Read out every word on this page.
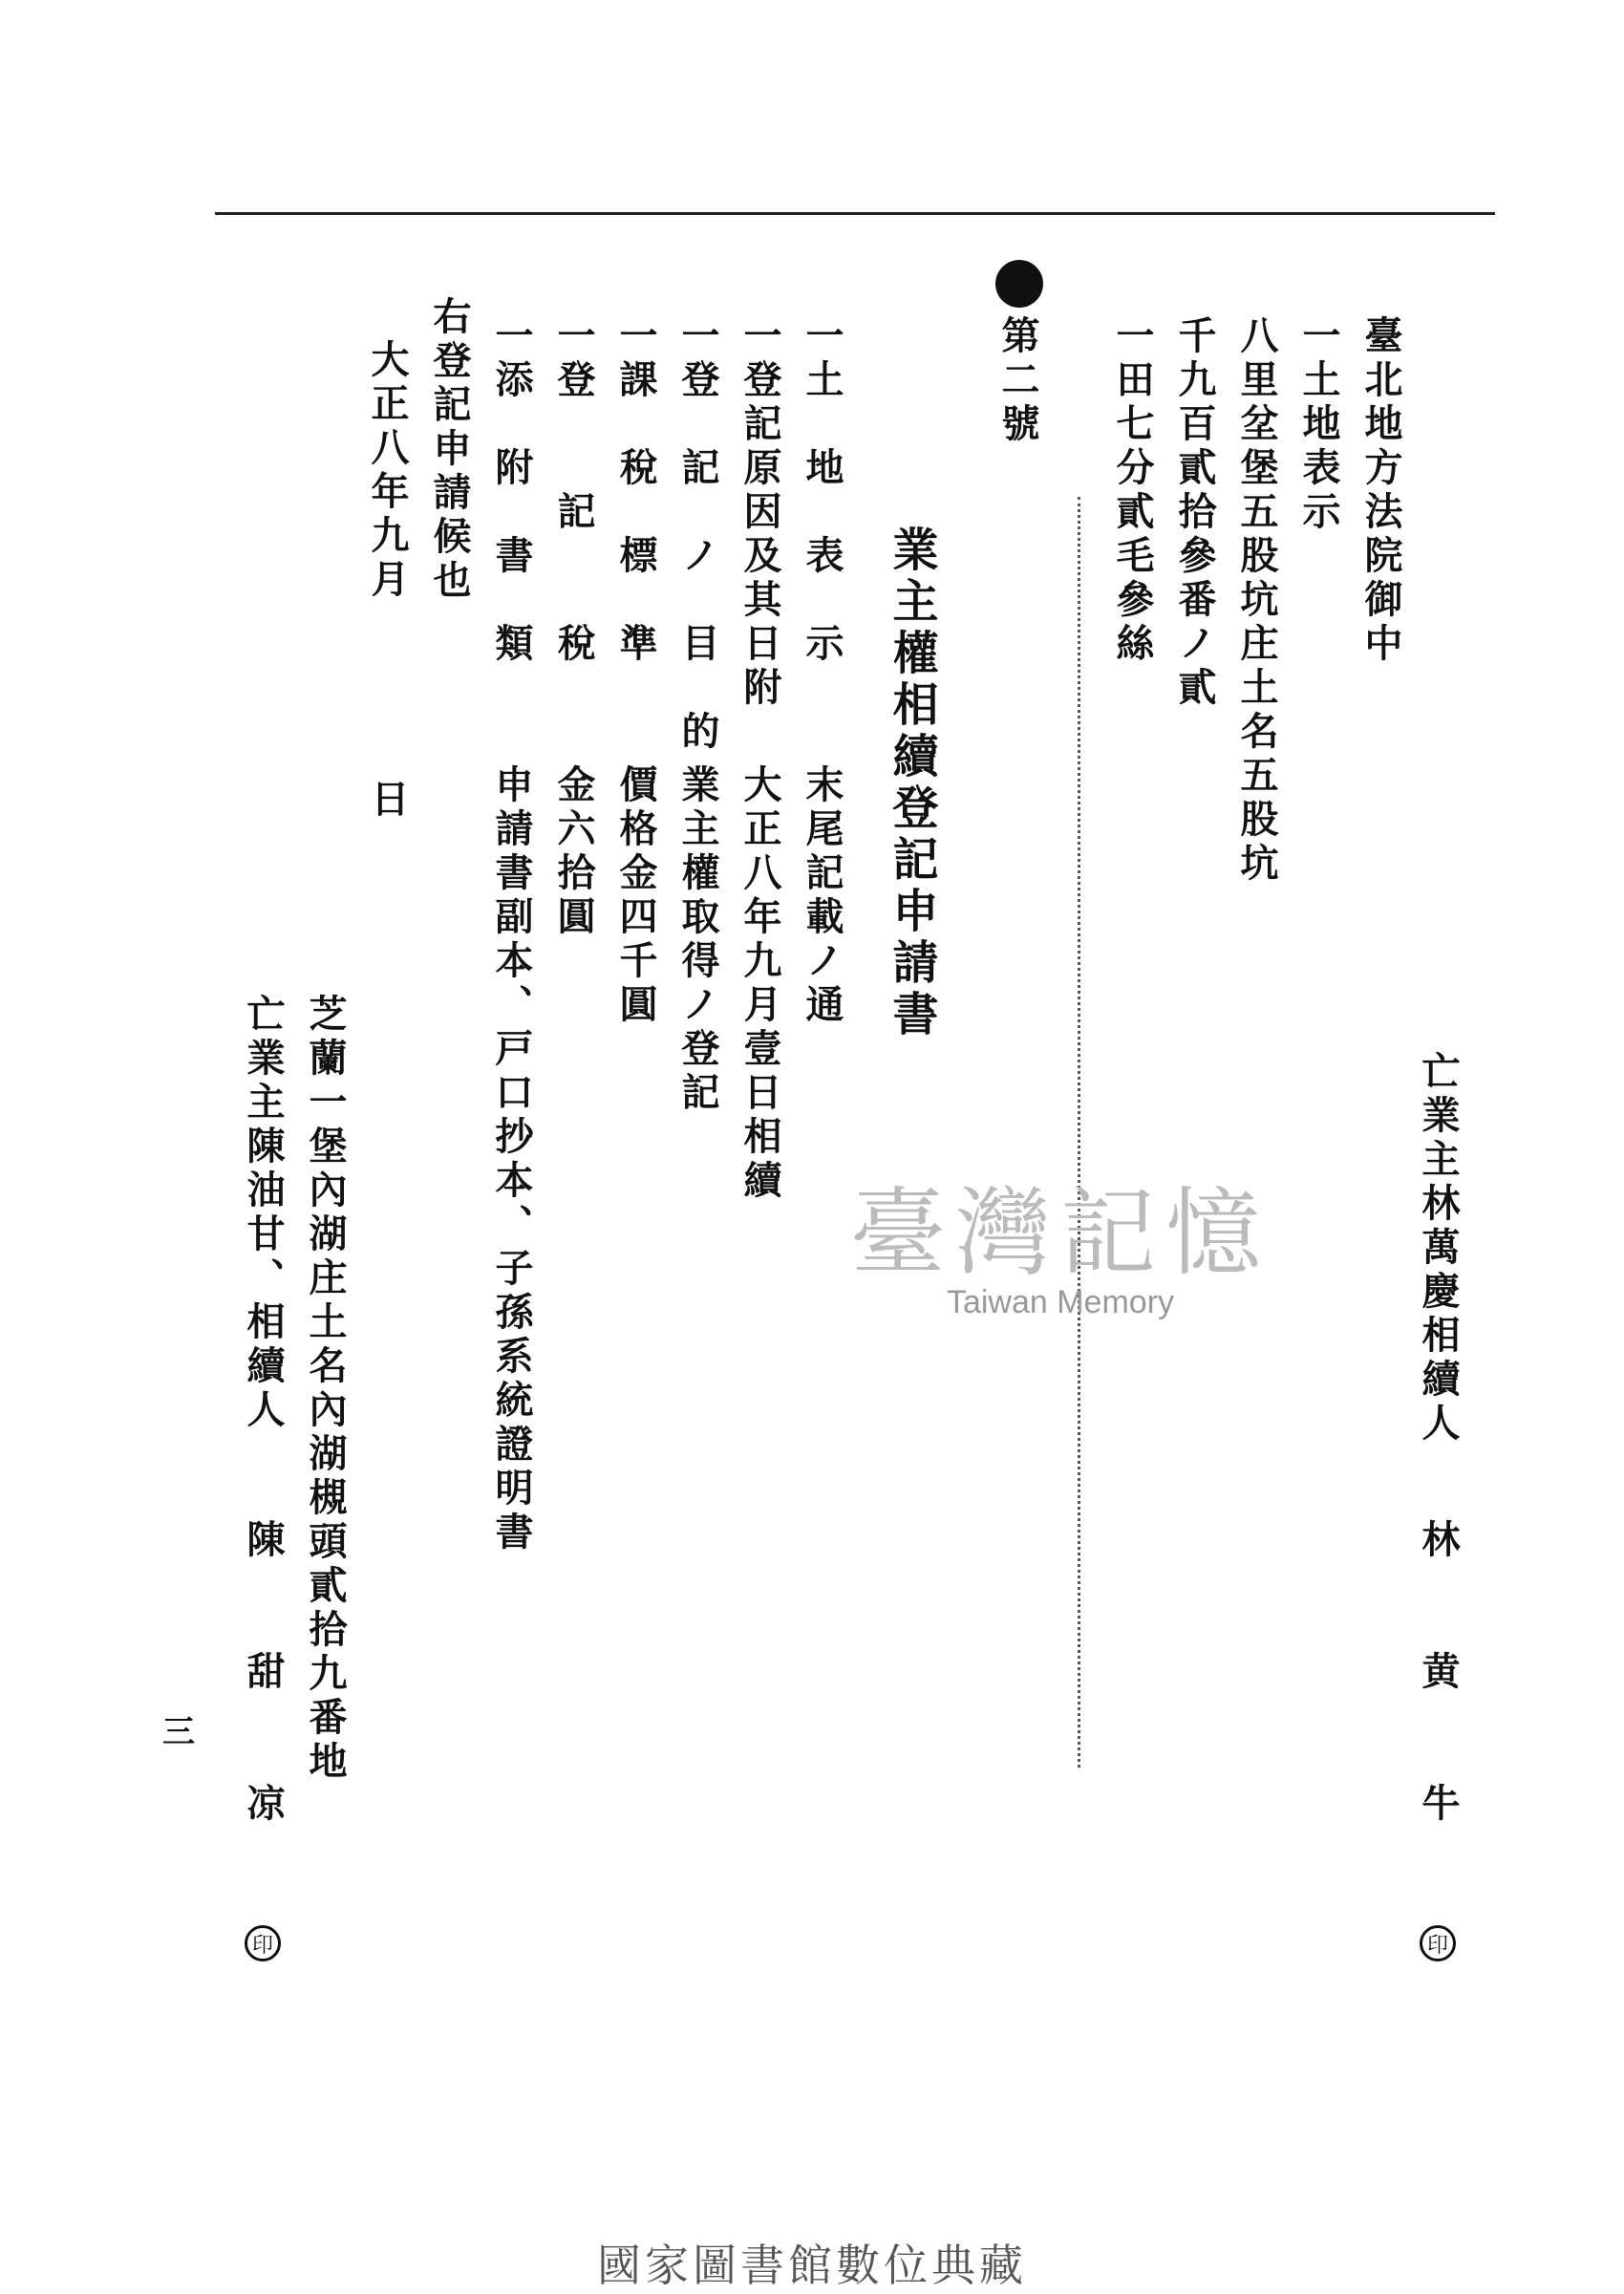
臺北地方法院御中
一土地表示
八里坌堡五股坑庄土名五股坑
千九百貳拾參番ノ貳
一田七分貳毛參絲
亡業主林萬慶相續人
林　　黄　　牛
印
第二號
業主權相續登記申請書
一土　地　表　示
一登記原因及其日附
一登　記　ノ　目　的
一課　稅　標　準
一登　　記　　稅
一添　附　書　類
末尾記載ノ通
大正八年九月壹日相續
業主權取得ノ登記
價格金四千圓
金六拾圓
申請書副本、戸口抄本、子孫系統證明書
右登記申請候也
大正八年九月　　　　日
芝蘭一堡內湖庄土名內湖槻頭貳拾九番地
亡業主陳油甘、相續人
陳　　甜　　凉
印
三
臺灣記憶
Taiwan Memory
國家圖書館數位典藏
